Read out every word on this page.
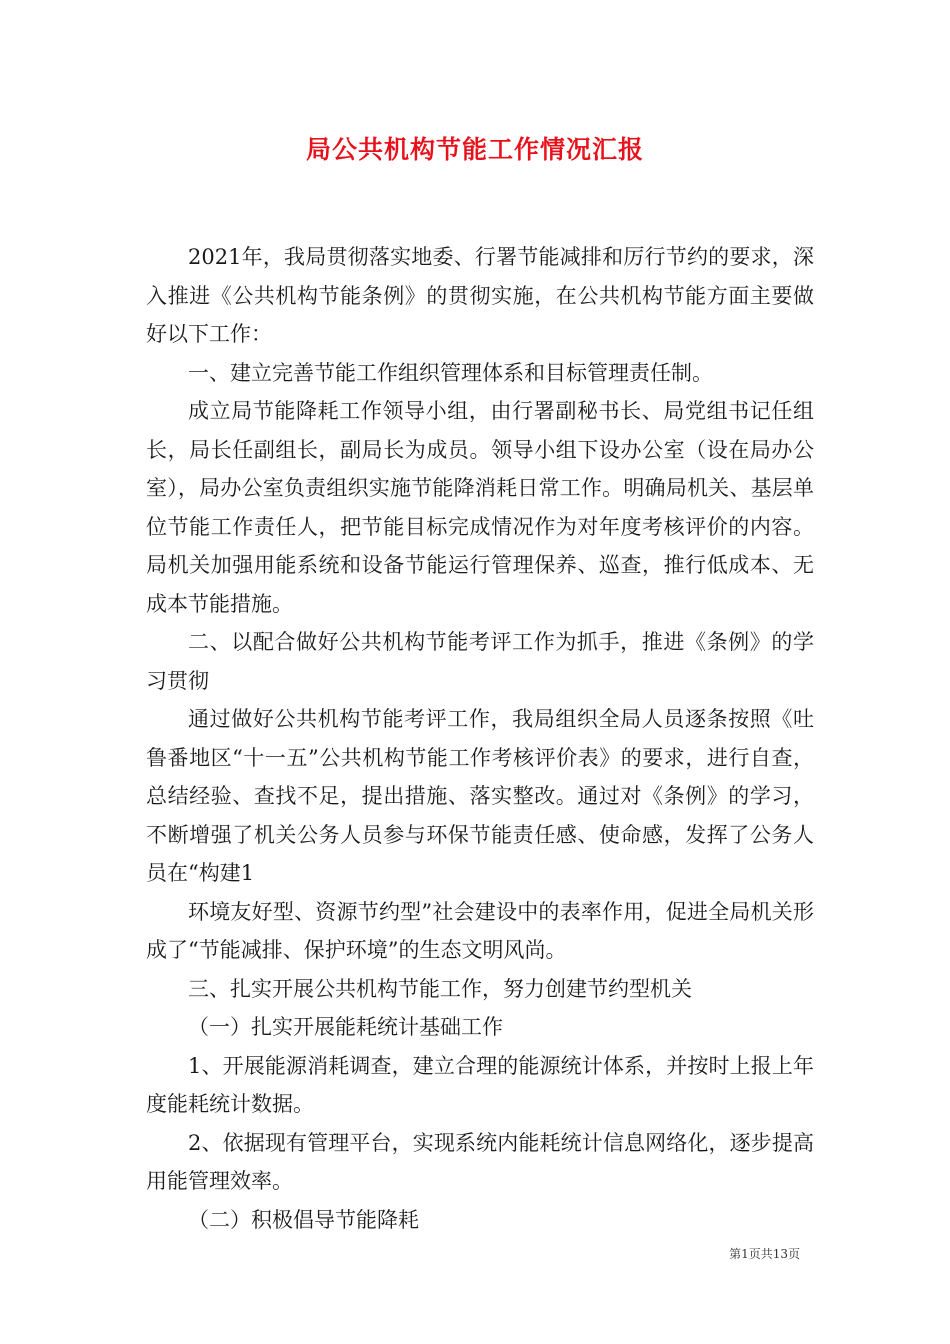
局公共机构节能工作情况汇报

2021年，我局贯彻落实地委、行署节能减排和厉行节约的要求，深入推进《公共机构节能条例》的贯彻实施，在公共机构节能方面主要做好以下工作：

一、建立完善节能工作组织管理体系和目标管理责任制。

成立局节能降耗工作领导小组，由行署副秘书长、局党组书记任组长，局长任副组长，副局长为成员。领导小组下设办公室（设在局办公室），局办公室负责组织实施节能降消耗日常工作。明确局机关、基层单位节能工作责任人，把节能目标完成情况作为对年度考核评价的内容。局机关加强用能系统和设备节能运行管理保养、巡查，推行低成本、无成本节能措施。

二、以配合做好公共机构节能考评工作为抓手，推进《条例》的学习贯彻

通过做好公共机构节能考评工作，我局组织全局人员逐条按照《吐鲁番地区“十一五”公共机构节能工作考核评价表》的要求，进行自查，总结经验、查找不足，提出措施、落实整改。通过对《条例》的学习，不断增强了机关公务人员参与环保节能责任感、使命感，发挥了公务人员在“构建1

环境友好型、资源节约型”社会建设中的表率作用，促进全局机关形成了“节能减排、保护环境”的生态文明风尚。

三、扎实开展公共机构节能工作，努力创建节约型机关

（一）扎实开展能耗统计基础工作

1、开展能源消耗调查，建立合理的能源统计体系，并按时上报上年度能耗统计数据。

2、依据现有管理平台，实现系统内能耗统计信息网络化，逐步提高用能管理效率。

（二）积极倡导节能降耗

第1页共13页
